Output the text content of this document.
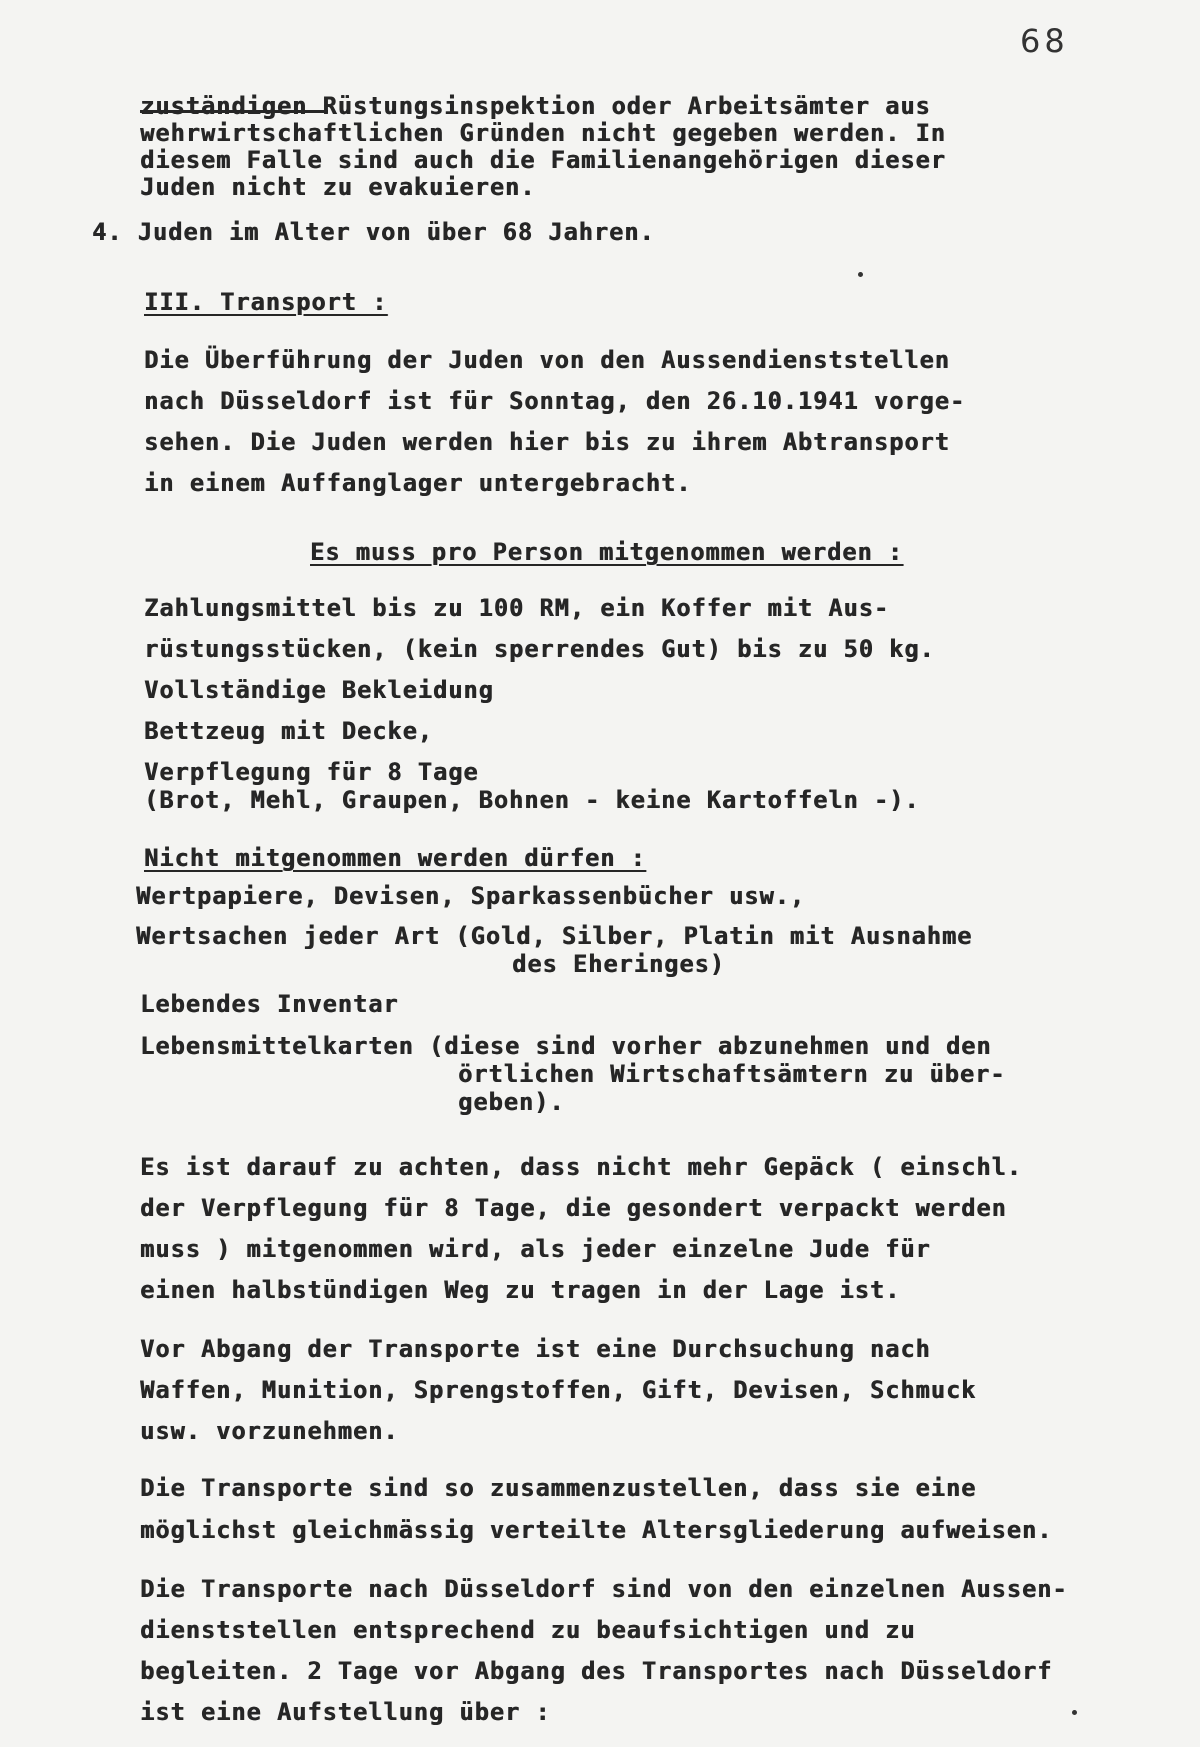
68
zuständigen Rüstungsinspektion oder Arbeitsämter aus
wehrwirtschaftlichen Gründen nicht gegeben werden. In
diesem Falle sind auch die Familienangehörigen dieser
Juden nicht zu evakuieren.
4. Juden im Alter von über 68 Jahren.
III. Transport :
Die Überführung der Juden von den Aussendienststellen
nach Düsseldorf ist für Sonntag, den 26.10.1941 vorge-
sehen. Die Juden werden hier bis zu ihrem Abtransport
in einem Auffanglager untergebracht.
Es muss pro Person mitgenommen werden :
Zahlungsmittel bis zu 100 RM, ein Koffer mit Aus-
rüstungsstücken, (kein sperrendes Gut) bis zu 50 kg.
Vollständige Bekleidung
Bettzeug mit Decke,
Verpflegung für 8 Tage
(Brot, Mehl, Graupen, Bohnen - keine Kartoffeln -).
Nicht mitgenommen werden dürfen :
Wertpapiere, Devisen, Sparkassenbücher usw.,
Wertsachen jeder Art (Gold, Silber, Platin mit Ausnahme
des Eheringes)
Lebendes Inventar
Lebensmittelkarten (diese sind vorher abzunehmen und den
örtlichen Wirtschaftsämtern zu über-
geben).
Es ist darauf zu achten, dass nicht mehr Gepäck ( einschl.
der Verpflegung für 8 Tage, die gesondert verpackt werden
muss ) mitgenommen wird, als jeder einzelne Jude für
einen halbstündigen Weg zu tragen in der Lage ist.
Vor Abgang der Transporte ist eine Durchsuchung nach
Waffen, Munition, Sprengstoffen, Gift, Devisen, Schmuck
usw. vorzunehmen.
Die Transporte sind so zusammenzustellen, dass sie eine
möglichst gleichmässig verteilte Altersgliederung aufweisen.
Die Transporte nach Düsseldorf sind von den einzelnen Aussen-
dienststellen entsprechend zu beaufsichtigen und zu
begleiten. 2 Tage vor Abgang des Transportes nach Düsseldorf
ist eine Aufstellung über :
